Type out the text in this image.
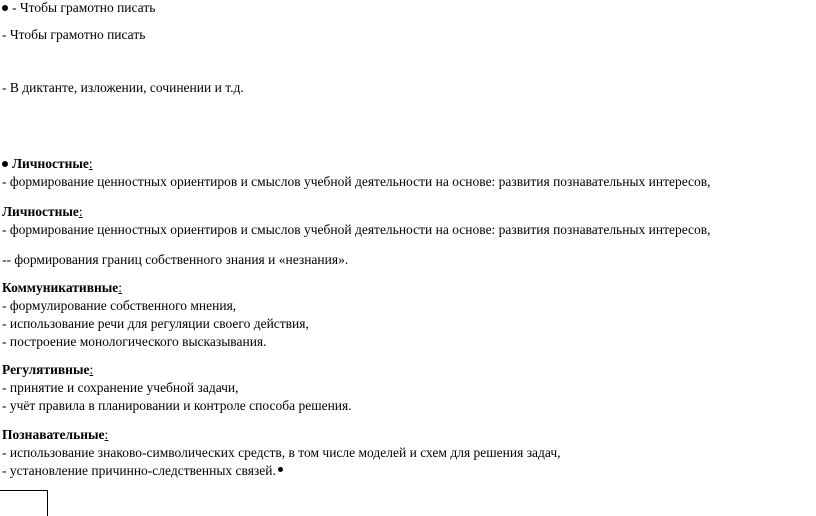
- Чтобы грамотно писать
- Чтобы грамотно писать
- В диктанте, изложении, сочинении и т.д.
Личностные:
- формирование ценностных ориентиров и смыслов учебной деятельности на основе: развития познавательных интересов,
Личностные:
- формирование ценностных ориентиров и смыслов учебной деятельности на основе: развития познавательных интересов,
-- формирования границ собственного знания и «незнания».
Коммуникативные:
- формулирование собственного мнения,
- использование речи для регуляции своего действия,
- построение монологического высказывания.
Регулятивные:
- принятие и сохранение учебной задачи,
- учёт правила в планировании и контроле способа решения.
Познавательные:
- использование знаково-символических средств, в том числе моделей и схем для решения задач,
- установление причинно-следственных связей.
